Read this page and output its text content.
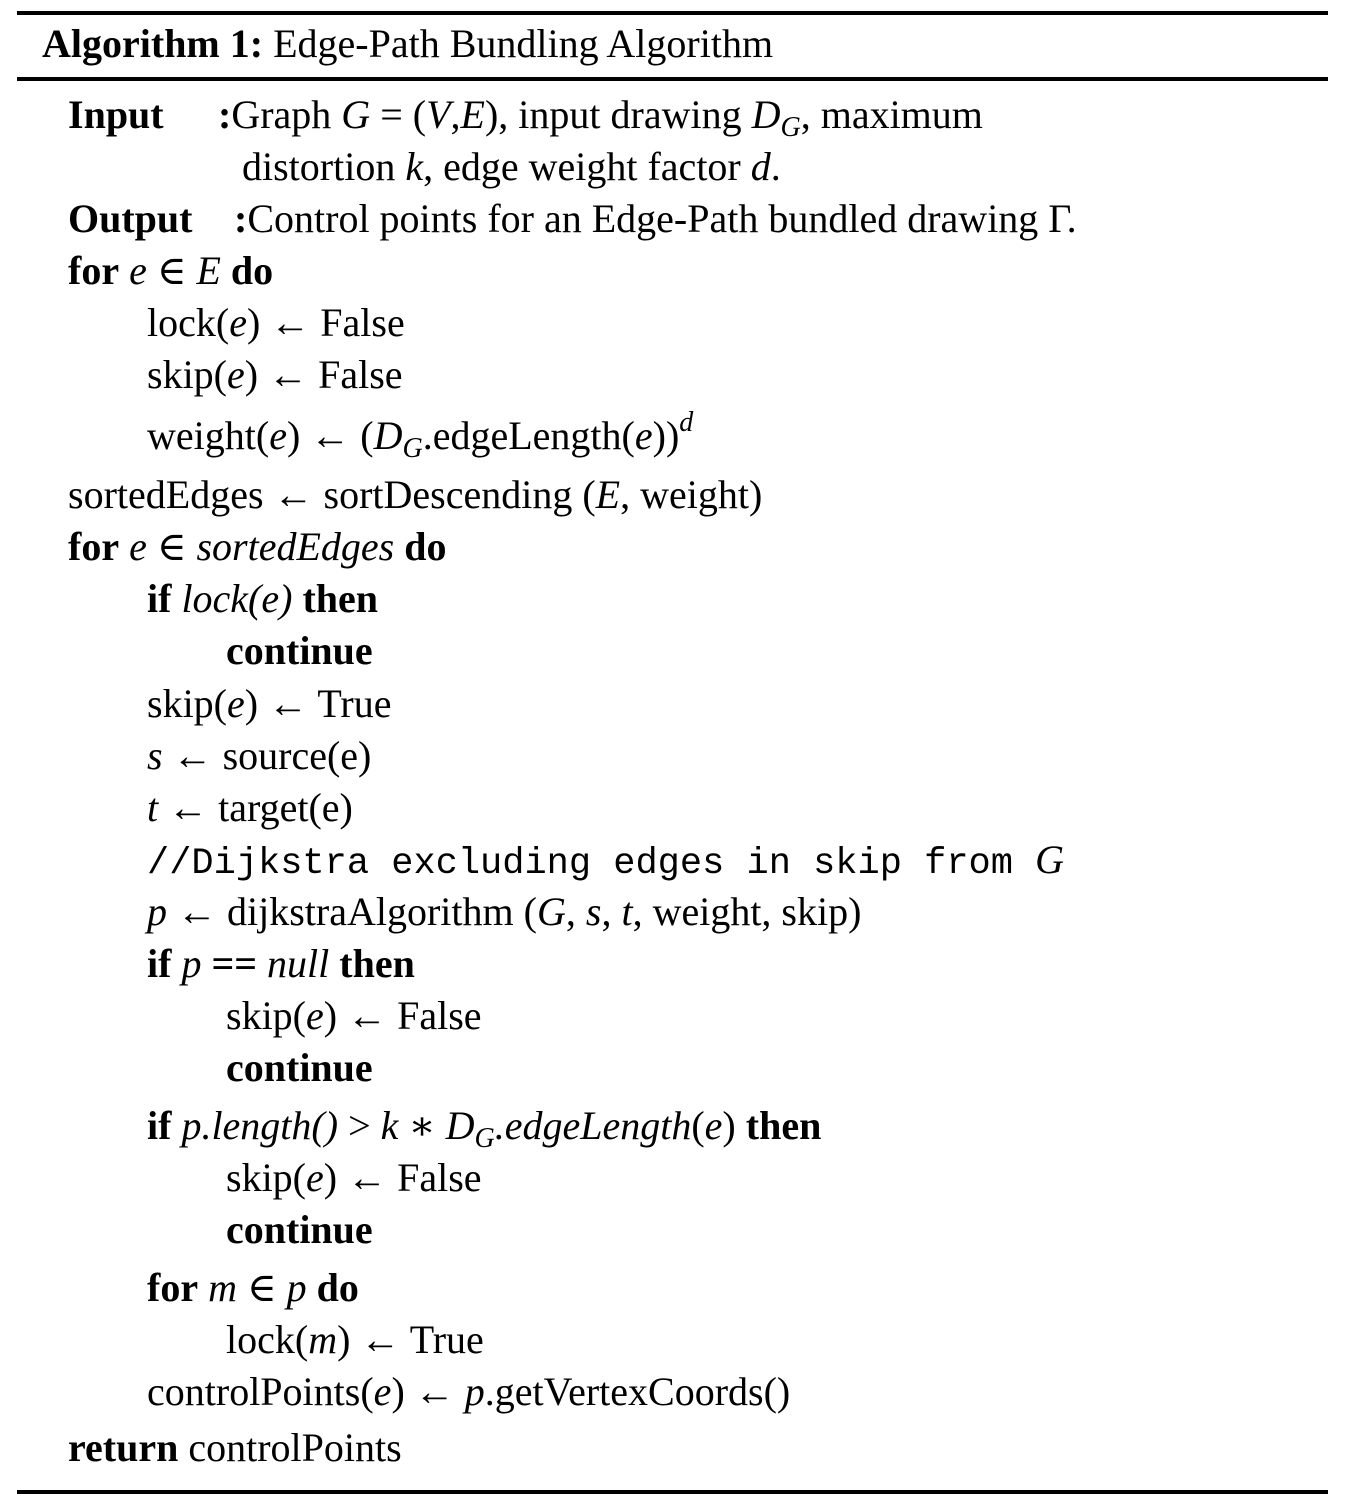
Algorithm 1: Edge-Path Bundling Algorithm
Input :Graph G = (V,E), input drawing $D_G$, maximum
distortion k, edge weight factor d.
Output :Control points for an Edge-Path bundled drawing Γ.
for e ∈ E do
lock(e) ← False
skip(e) ← False
weight(e) ← $(D_G.edgeLength(e))^d$
sortedEdges ← sortDescending (E, weight)
for e ∈ sortedEdges do
if lock(e) then
continue
skip(e) ← True
s ← source(e)
t ← target(e)
//Dijkstra excluding edges in skip from G
p ← dijkstraAlgorithm (G, s, t, weight, skip)
if p == null then
skip(e) ← False
continue
if p.length() > k ∗ $D_G.edgeLength(e)$ then
skip(e) ← False
continue
for m ∈ p do
lock(m) ← True
controlPoints(e) ← p.getVertexCoords()
return controlPoints
